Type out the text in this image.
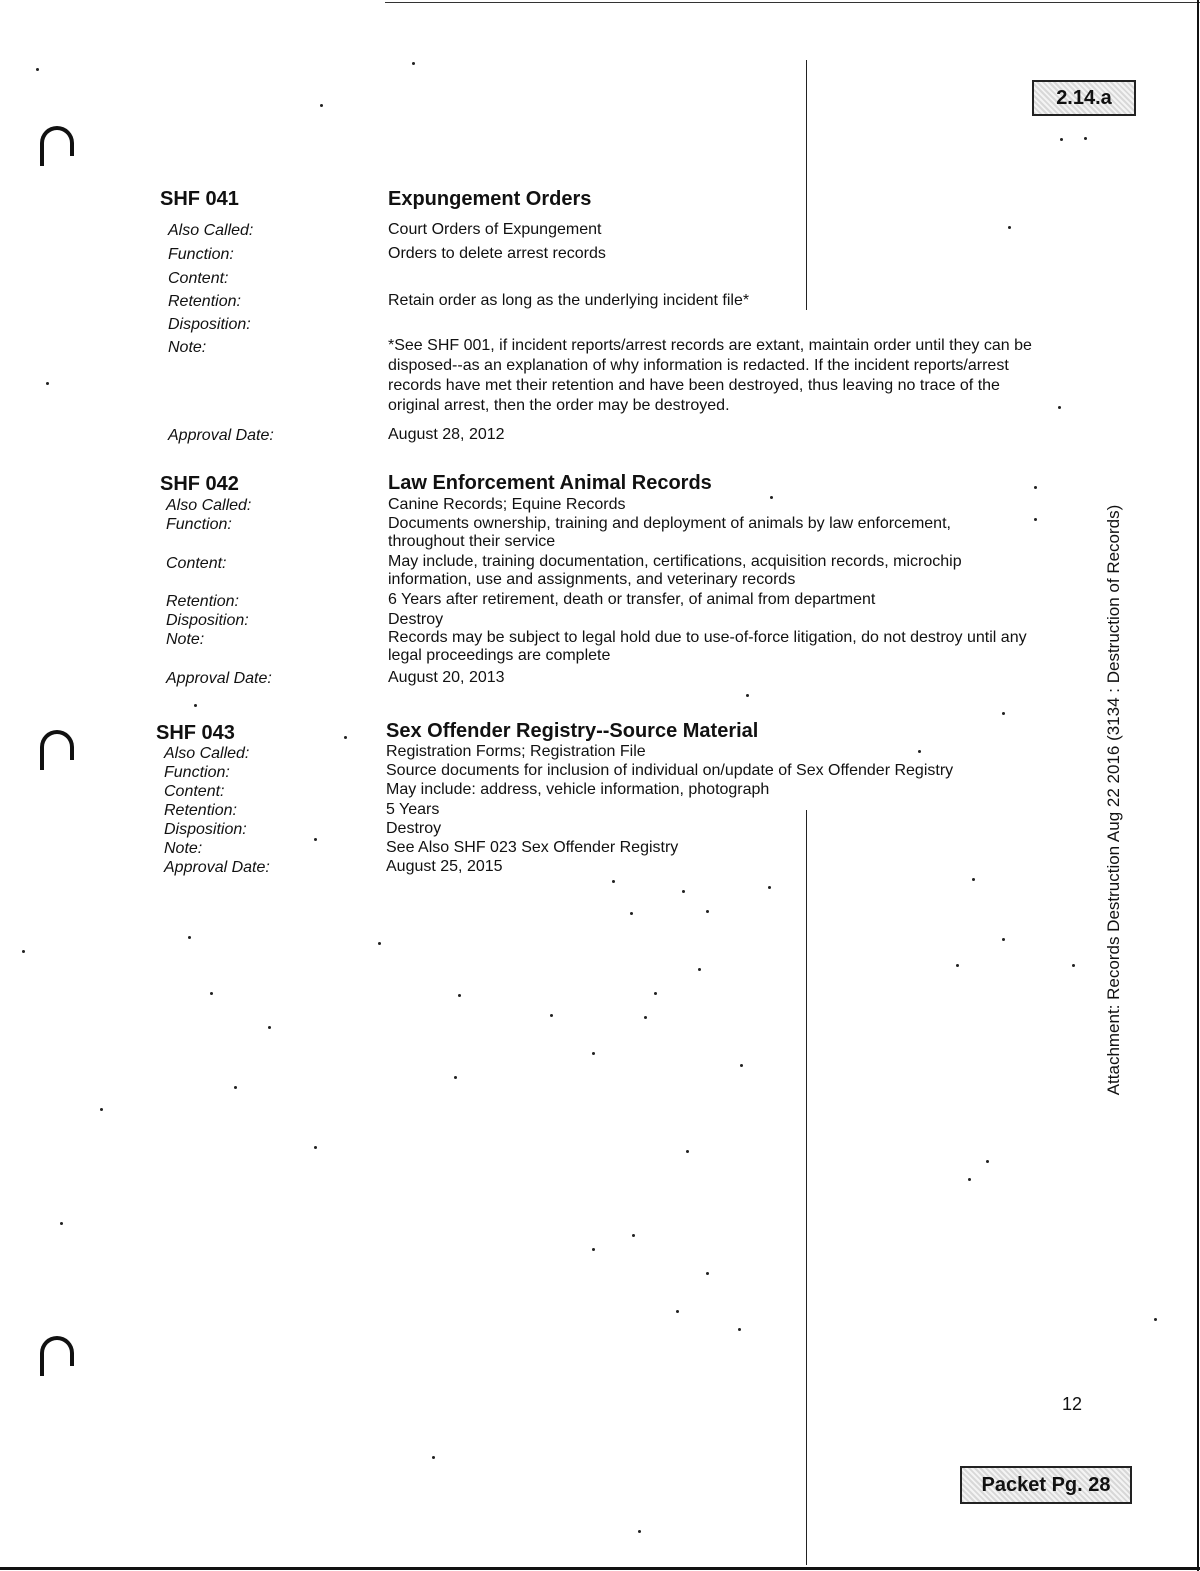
2.14.a
Attachment: Records Destruction Aug 22 2016 (3134 : Destruction of Records)
12
Packet Pg. 28
SHF 041	Expungement Orders
Also Called:	Court Orders of Expungement
Function:	Orders to delete arrest records
Content:
Retention:	Retain order as long as the underlying incident file*
Disposition:
Note:	*See SHF 001, if incident reports/arrest records are extant, maintain order until they can be disposed--as an explanation of why information is redacted. If the incident reports/arrest records have met their retention and have been destroyed, thus leaving no trace of the original arrest, then the order may be destroyed.
Approval Date:	August 28, 2012
SHF 042	Law Enforcement Animal Records
Also Called:	Canine Records; Equine Records
Function:	Documents ownership, training and deployment of animals by law enforcement, throughout their service
Content:	May include, training documentation, certifications, acquisition records, microchip information, use and assignments, and veterinary records
Retention:	6 Years after retirement, death or transfer, of animal from department
Disposition:	Destroy
Note:	Records may be subject to legal hold due to use-of-force litigation, do not destroy until any legal proceedings are complete
Approval Date:	August 20, 2013
SHF 043	Sex Offender Registry--Source Material
Also Called:	Registration Forms; Registration File
Function:	Source documents for inclusion of individual on/update of Sex Offender Registry
Content:	May include: address, vehicle information, photograph
Retention:	5 Years
Disposition:	Destroy
Note:	See Also SHF 023 Sex Offender Registry
Approval Date:	August 25, 2015
